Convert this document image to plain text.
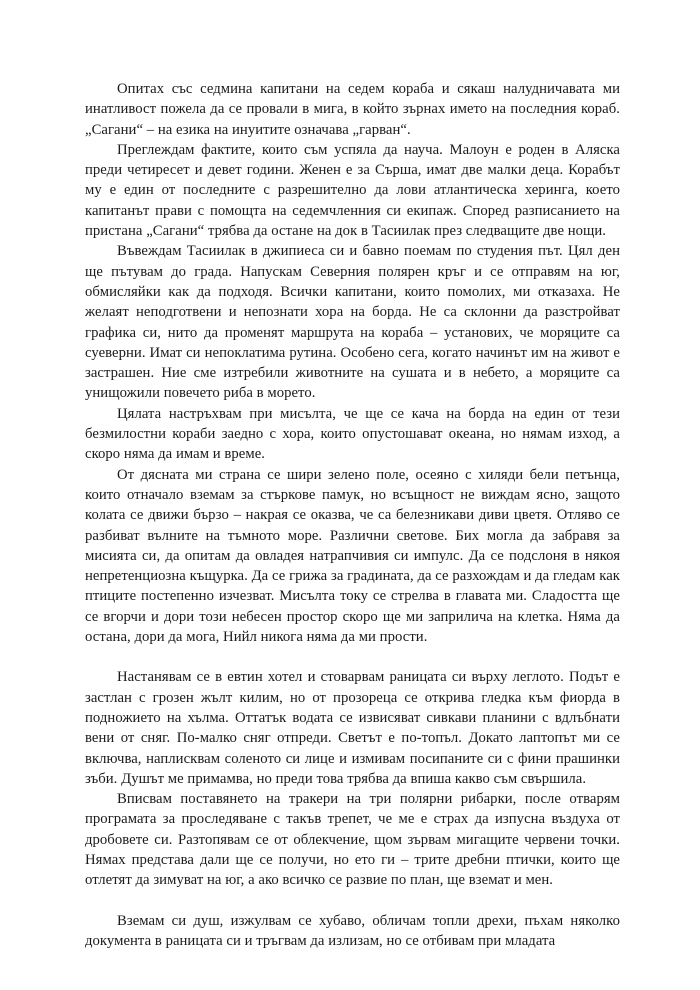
Опитах със седмина капитани на седем кораба и сякаш налудничавата ми инатливост пожела да се провали в мига, в който зърнах името на последния кораб. „Сагани“ – на езика на инуитите означава „гарван“.

Преглеждам фактите, които съм успяла да науча. Малоун е роден в Аляска преди четиресет и девет години. Женен е за Сърша, имат две малки деца. Корабът му е един от последните с разрешително да лови атлантическа херинга, което капитанът прави с помощта на седемчленния си екипаж. Според разписанието на пристана „Сагани“ трябва да остане на док в Тасиилак през следващите две нощи.

Въвеждам Тасиилак в джипиеса си и бавно поемам по студения път. Цял ден ще пътувам до града. Напускам Северния полярен кръг и се отправям на юг, обмисляйки как да подходя. Всички капитани, които помолих, ми отказаха. Не желаят неподготвени и непознати хора на борда. Не са склонни да разстройват графика си, нито да променят маршрута на кораба – установих, че моряците са суеверни. Имат си непоклатима рутина. Особено сега, когато начинът им на живот е застрашен. Ние сме изтребили животните на сушата и в небето, а моряците са унищожили повечето риба в морето.

Цялата настръхвам при мисълта, че ще се кача на борда на един от тези безмилостни кораби заедно с хора, които опустошават океана, но нямам изход, а скоро няма да имам и време.

От дясната ми страна се шири зелено поле, осеяно с хиляди бели петънца, които отначало вземам за стъркове памук, но всъщност не виждам ясно, защото колата се движи бързо – накрая се оказва, че са белезникави диви цветя. Отляво се разбиват вълните на тъмното море. Различни светове. Бих могла да забравя за мисията си, да опитам да овладея натрапчивия си импулс. Да се подслоня в някоя непретенциозна къщурка. Да се грижа за градината, да се разхождам и да гледам как птиците постепенно изчезват. Мисълта току се стрелва в главата ми. Сладостта ще се вгорчи и дори този небесен простор скоро ще ми заприлича на клетка. Няма да остана, дори да мога, Нийл никога няма да ми прости.

Настанявам се в евтин хотел и стоварвам раницата си върху леглото. Подът е застлан с грозен жълт килим, но от прозореца се открива гледка към фиорда в подножието на хълма. Оттатък водата се извисяват сивкави планини с вдлъбнати вени от сняг. По-малко сняг отпреди. Светът е по-топъл. Докато лаптопът ми се включва, наплисквам соленото си лице и измивам посипаните си с фини прашинки зъби. Душът ме примамва, но преди това трябва да впиша какво съм свършила.

Вписвам поставянето на тракери на три полярни рибарки, после отварям програмата за проследяване с такъв трепет, че ме е страх да изпусна въздуха от дробовете си. Разтопявам се от облекчение, щом зървам мигащите червени точки. Нямах представа дали ще се получи, но ето ги – трите дребни птички, които ще отлетят да зимуват на юг, а ако всичко се развие по план, ще вземат и мен.

Вземам си душ, изжулвам се хубаво, обличам топли дрехи, пъхам няколко документа в раницата си и тръгвам да излизам, но се отбивам при младата
